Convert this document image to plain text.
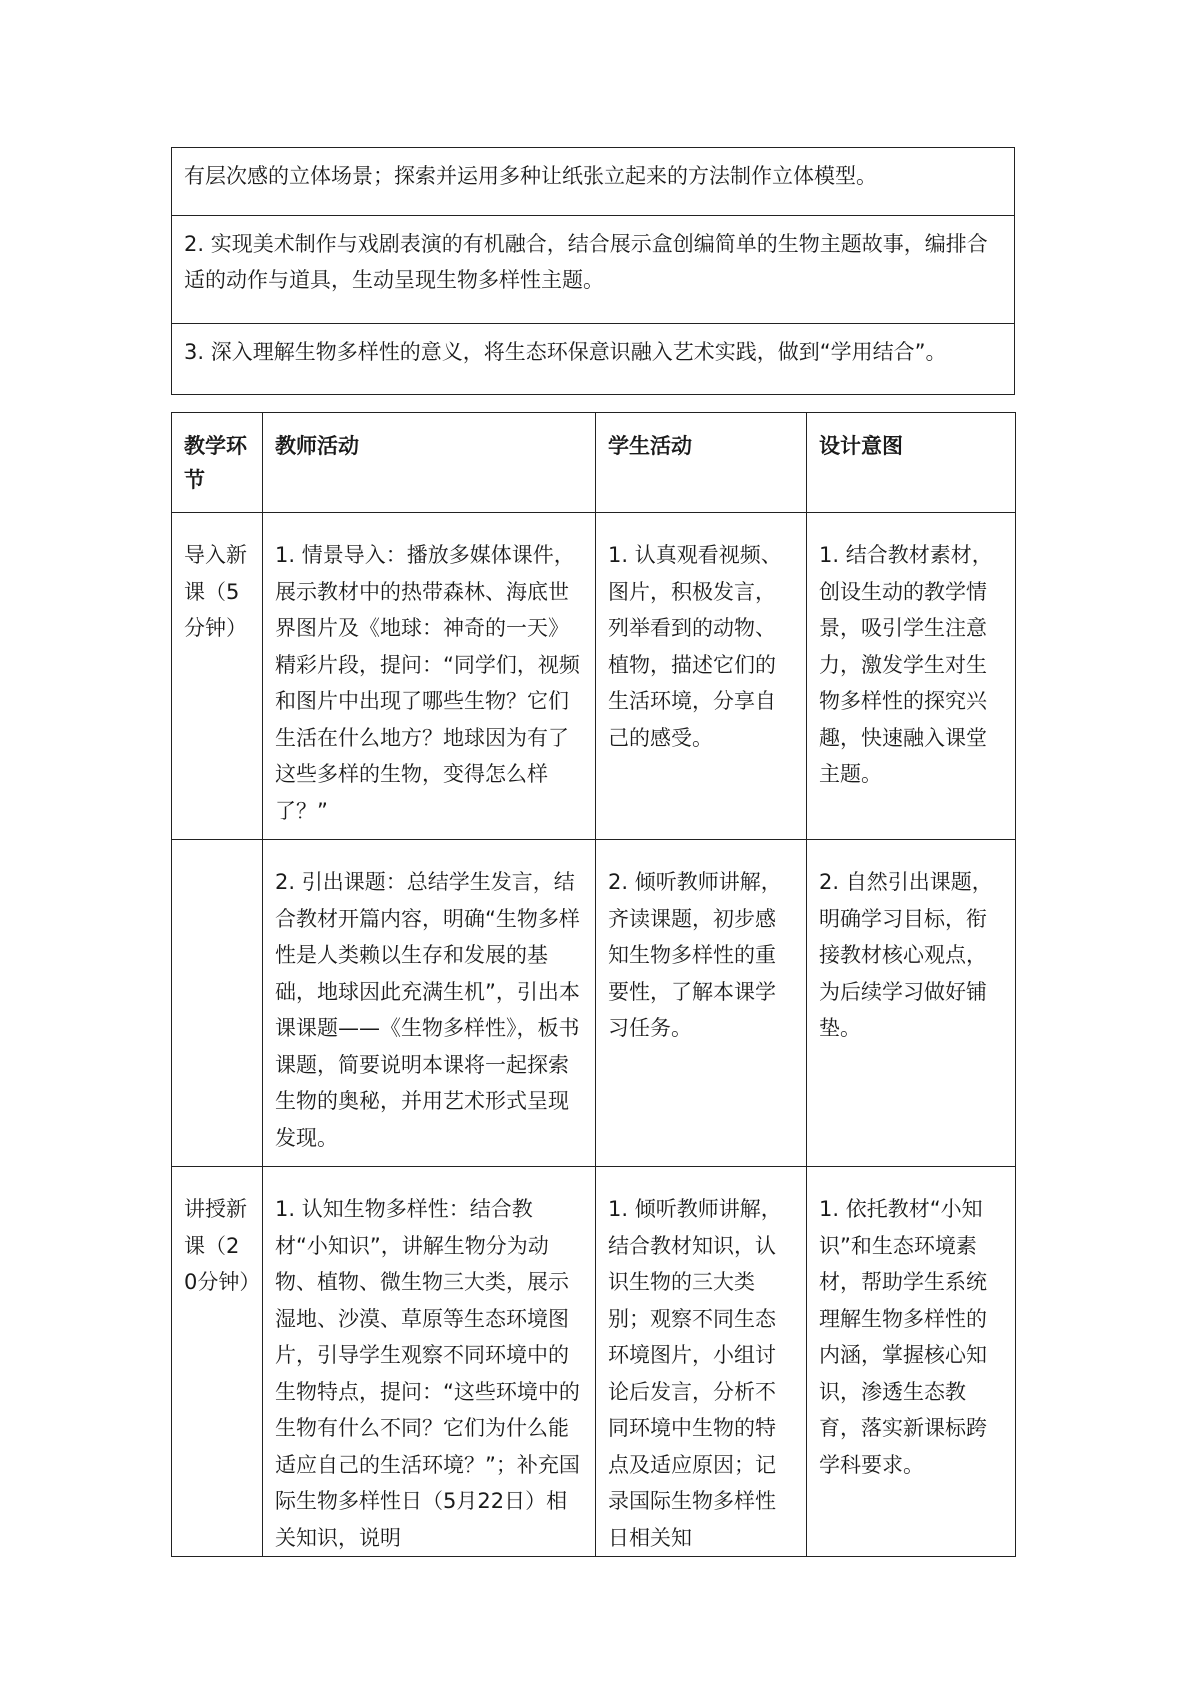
有层次感的立体场景；探索并运用多种让纸张立起来的方法制作立体模型。
2. 实现美术制作与戏剧表演的有机融合，结合展示盒创编简单的生物主题故事，编排合适的动作与道具，生动呈现生物多样性主题。
3. 深入理解生物多样性的意义，将生态环保意识融入艺术实践，做到“学用结合”。
教学环节	教师活动	学生活动	设计意图
导入新课（5分钟）	1. 情景导入：播放多媒体课件，展示教材中的热带森林、海底世界图片及《地球：神奇的一天》精彩片段，提问：“同学们，视频和图片中出现了哪些生物？它们生活在什么地方？地球因为有了这些多样的生物，变得怎么样了？”	1. 认真观看视频、图片，积极发言，列举看到的动物、植物，描述它们的生活环境，分享自己的感受。	1. 结合教材素材，创设生动的教学情景，吸引学生注意力，激发学生对生物多样性的探究兴趣，快速融入课堂主题。
	2. 引出课题：总结学生发言，结合教材开篇内容，明确“生物多样性是人类赖以生存和发展的基础，地球因此充满生机”，引出本课课题——《生物多样性》，板书课题，简要说明本课将一起探索生物的奥秘，并用艺术形式呈现发现。	2. 倾听教师讲解，齐读课题，初步感知生物多样性的重要性，了解本课学习任务。	2. 自然引出课题，明确学习目标，衔接教材核心观点，为后续学习做好铺垫。
讲授新课（20分钟）	1. 认知生物多样性：结合教材“小知识”，讲解生物分为动物、植物、微生物三大类，展示湿地、沙漠、草原等生态环境图片，引导学生观察不同环境中的生物特点，提问：“这些环境中的生物有什么不同？它们为什么能适应自己的生活环境？”；补充国际生物多样性日（5月22日）相关知识，说明	1. 倾听教师讲解，结合教材知识，认识生物的三大类别；观察不同生态环境图片，小组讨论后发言，分析不同环境中生物的特点及适应原因；记录国际生物多样性日相关知	1. 依托教材“小知识”和生态环境素材，帮助学生系统理解生物多样性的内涵，掌握核心知识，渗透生态教育，落实新课标跨学科要求。
